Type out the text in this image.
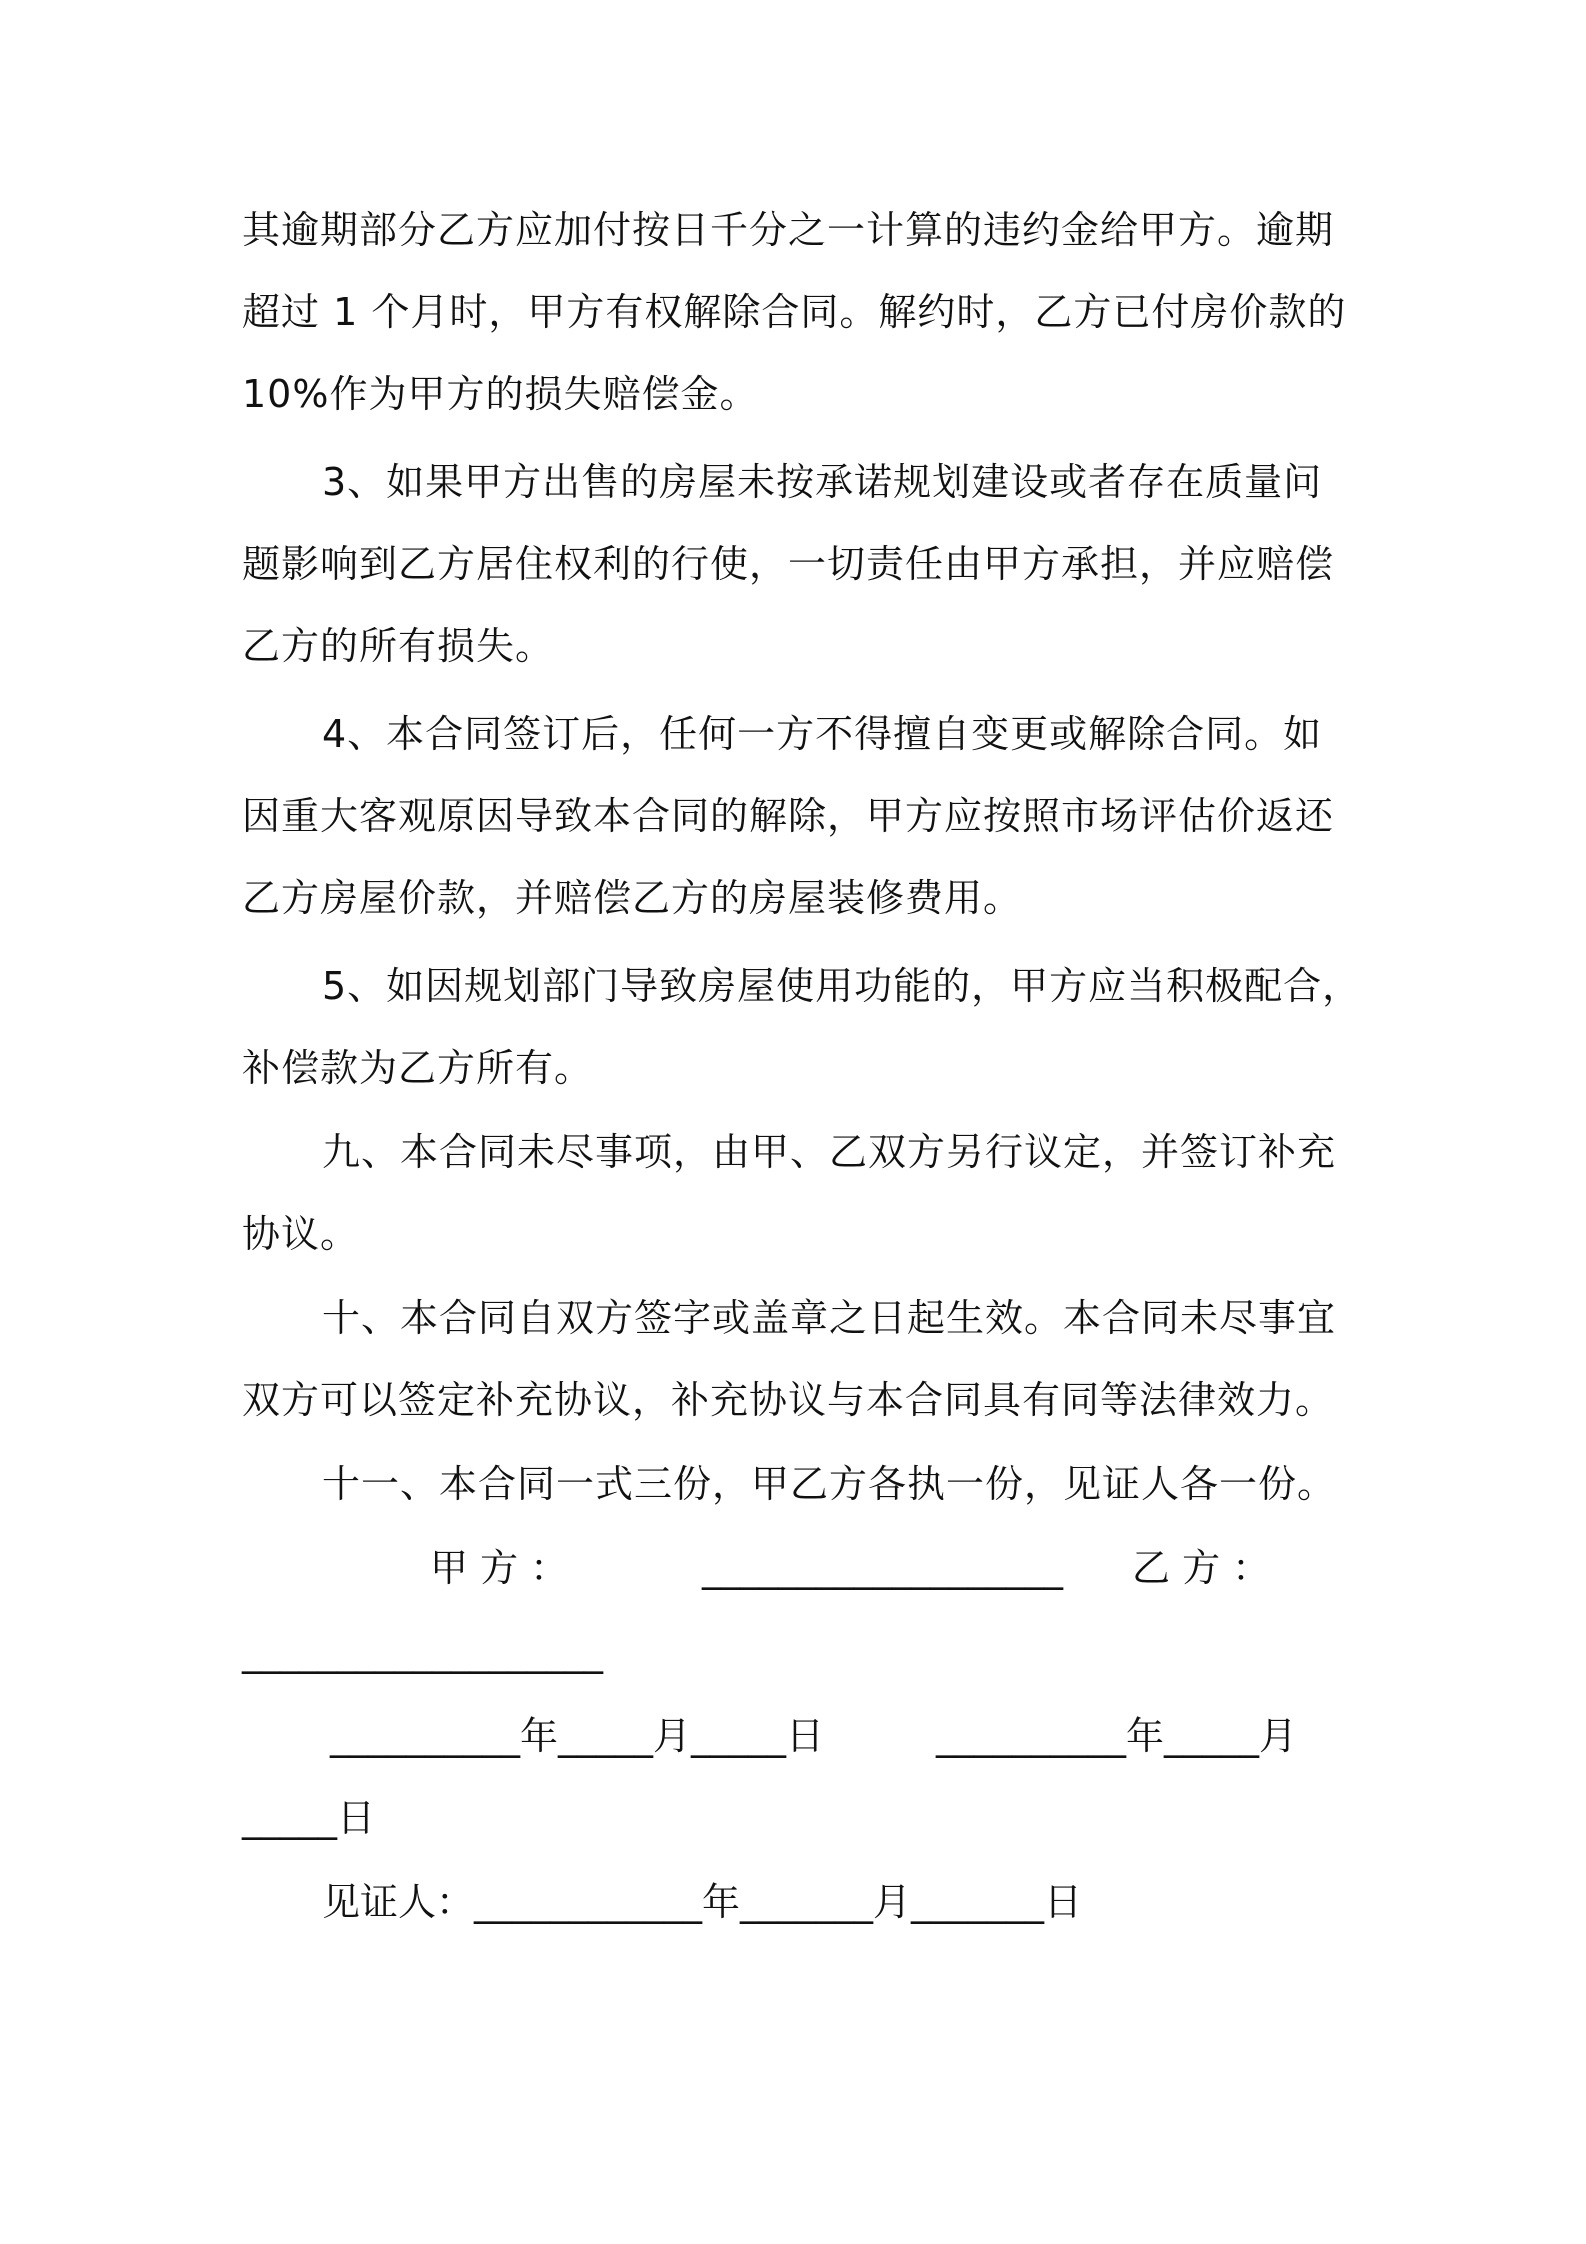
其逾期部分乙方应加付按日千分之一计算的违约金给甲方。逾期
超过 1 个月时，甲方有权解除合同。解约时，乙方已付房价款的
10%作为甲方的损失赔偿金。
3、如果甲方出售的房屋未按承诺规划建设或者存在质量问
题影响到乙方居住权利的行使，一切责任由甲方承担，并应赔偿
乙方的所有损失。
4、本合同签订后，任何一方不得擅自变更或解除合同。如
因重大客观原因导致本合同的解除，甲方应按照市场评估价返还
乙方房屋价款，并赔偿乙方的房屋装修费用。
5、如因规划部门导致房屋使用功能的，甲方应当积极配合，
补偿款为乙方所有。
九、本合同未尽事项，由甲、乙双方另行议定，并签订补充
协议。
十、本合同自双方签字或盖章之日起生效。本合同未尽事宜
双方可以签定补充协议，补充协议与本合同具有同等法律效力。
十一、本合同一式三份，甲乙方各执一份，见证人各一份。
甲 方 ：	___________________ 乙 方 ：
___________________
__________年_____月_____日	__________年_____月
_____日
见证人：____________年_______月_______日
